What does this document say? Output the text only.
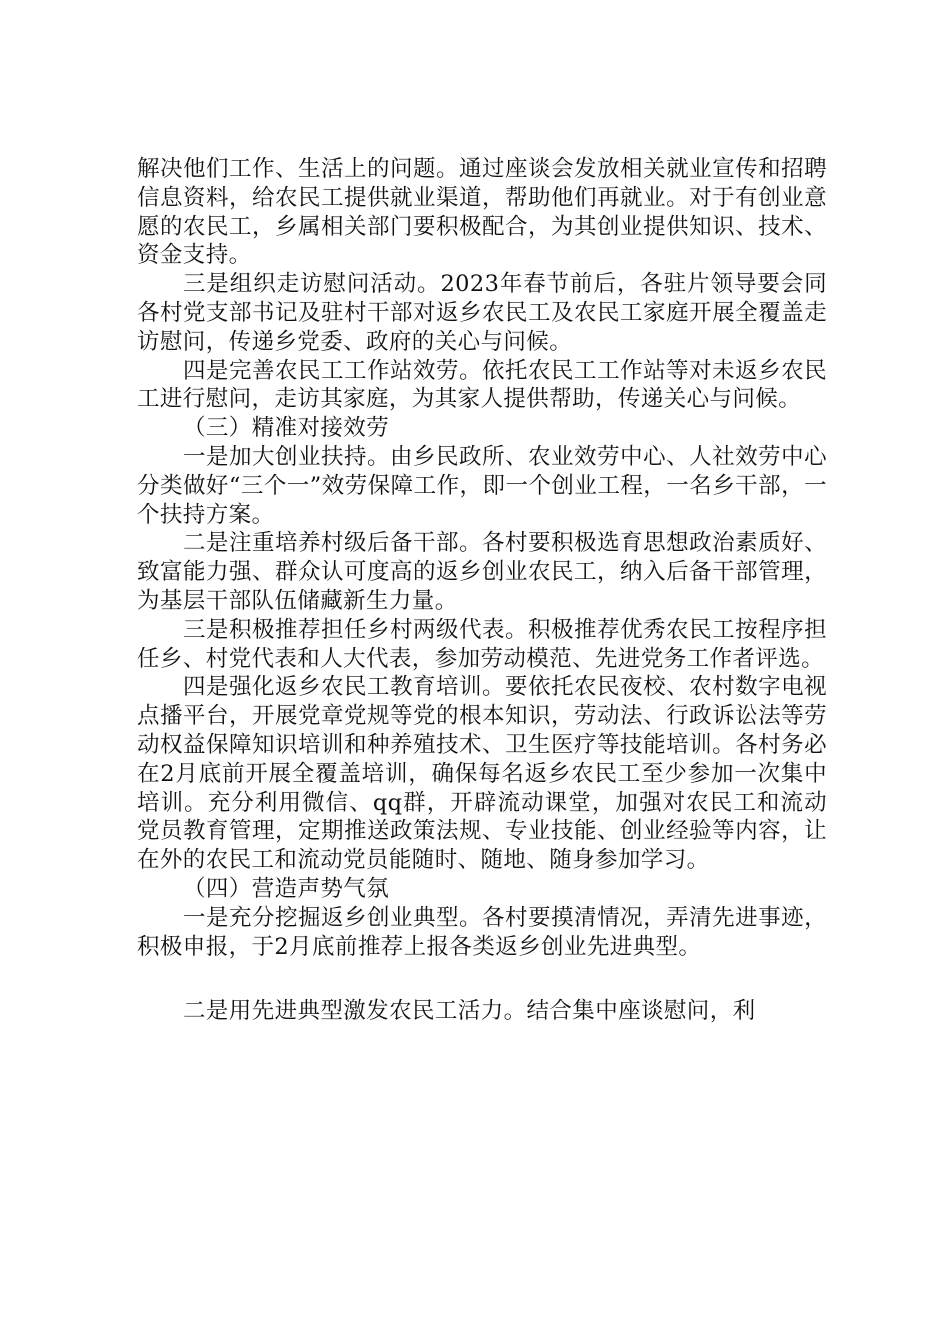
解决他们工作、生活上的问题。通过座谈会发放相关就业宣传和招聘信息资料，给农民工提供就业渠道，帮助他们再就业。对于有创业意愿的农民工，乡属相关部门要积极配合，为其创业提供知识、技术、资金支持。

三是组织走访慰问活动。2023年春节前后，各驻片领导要会同各村党支部书记及驻村干部对返乡农民工及农民工家庭开展全覆盖走访慰问，传递乡党委、政府的关心与问候。

四是完善农民工工作站效劳。依托农民工工作站等对未返乡农民工进行慰问，走访其家庭，为其家人提供帮助，传递关心与问候。

（三）精准对接效劳

一是加大创业扶持。由乡民政所、农业效劳中心、人社效劳中心分类做好“三个一”效劳保障工作，即一个创业工程，一名乡干部，一个扶持方案。

二是注重培养村级后备干部。各村要积极选育思想政治素质好、致富能力强、群众认可度高的返乡创业农民工，纳入后备干部管理，为基层干部队伍储藏新生力量。

三是积极推荐担任乡村两级代表。积极推荐优秀农民工按程序担任乡、村党代表和人大代表，参加劳动模范、先进党务工作者评选。

四是强化返乡农民工教育培训。要依托农民夜校、农村数字电视点播平台，开展党章党规等党的根本知识，劳动法、行政诉讼法等劳动权益保障知识培训和种养殖技术、卫生医疗等技能培训。各村务必在2月底前开展全覆盖培训，确保每名返乡农民工至少参加一次集中培训。充分利用微信、qq群，开辟流动课堂，加强对农民工和流动党员教育管理，定期推送政策法规、专业技能、创业经验等内容，让在外的农民工和流动党员能随时、随地、随身参加学习。

（四）营造声势气氛

一是充分挖掘返乡创业典型。各村要摸清情况，弄清先进事迹，积极申报，于2月底前推荐上报各类返乡创业先进典型。

二是用先进典型激发农民工活力。结合集中座谈慰问，利
